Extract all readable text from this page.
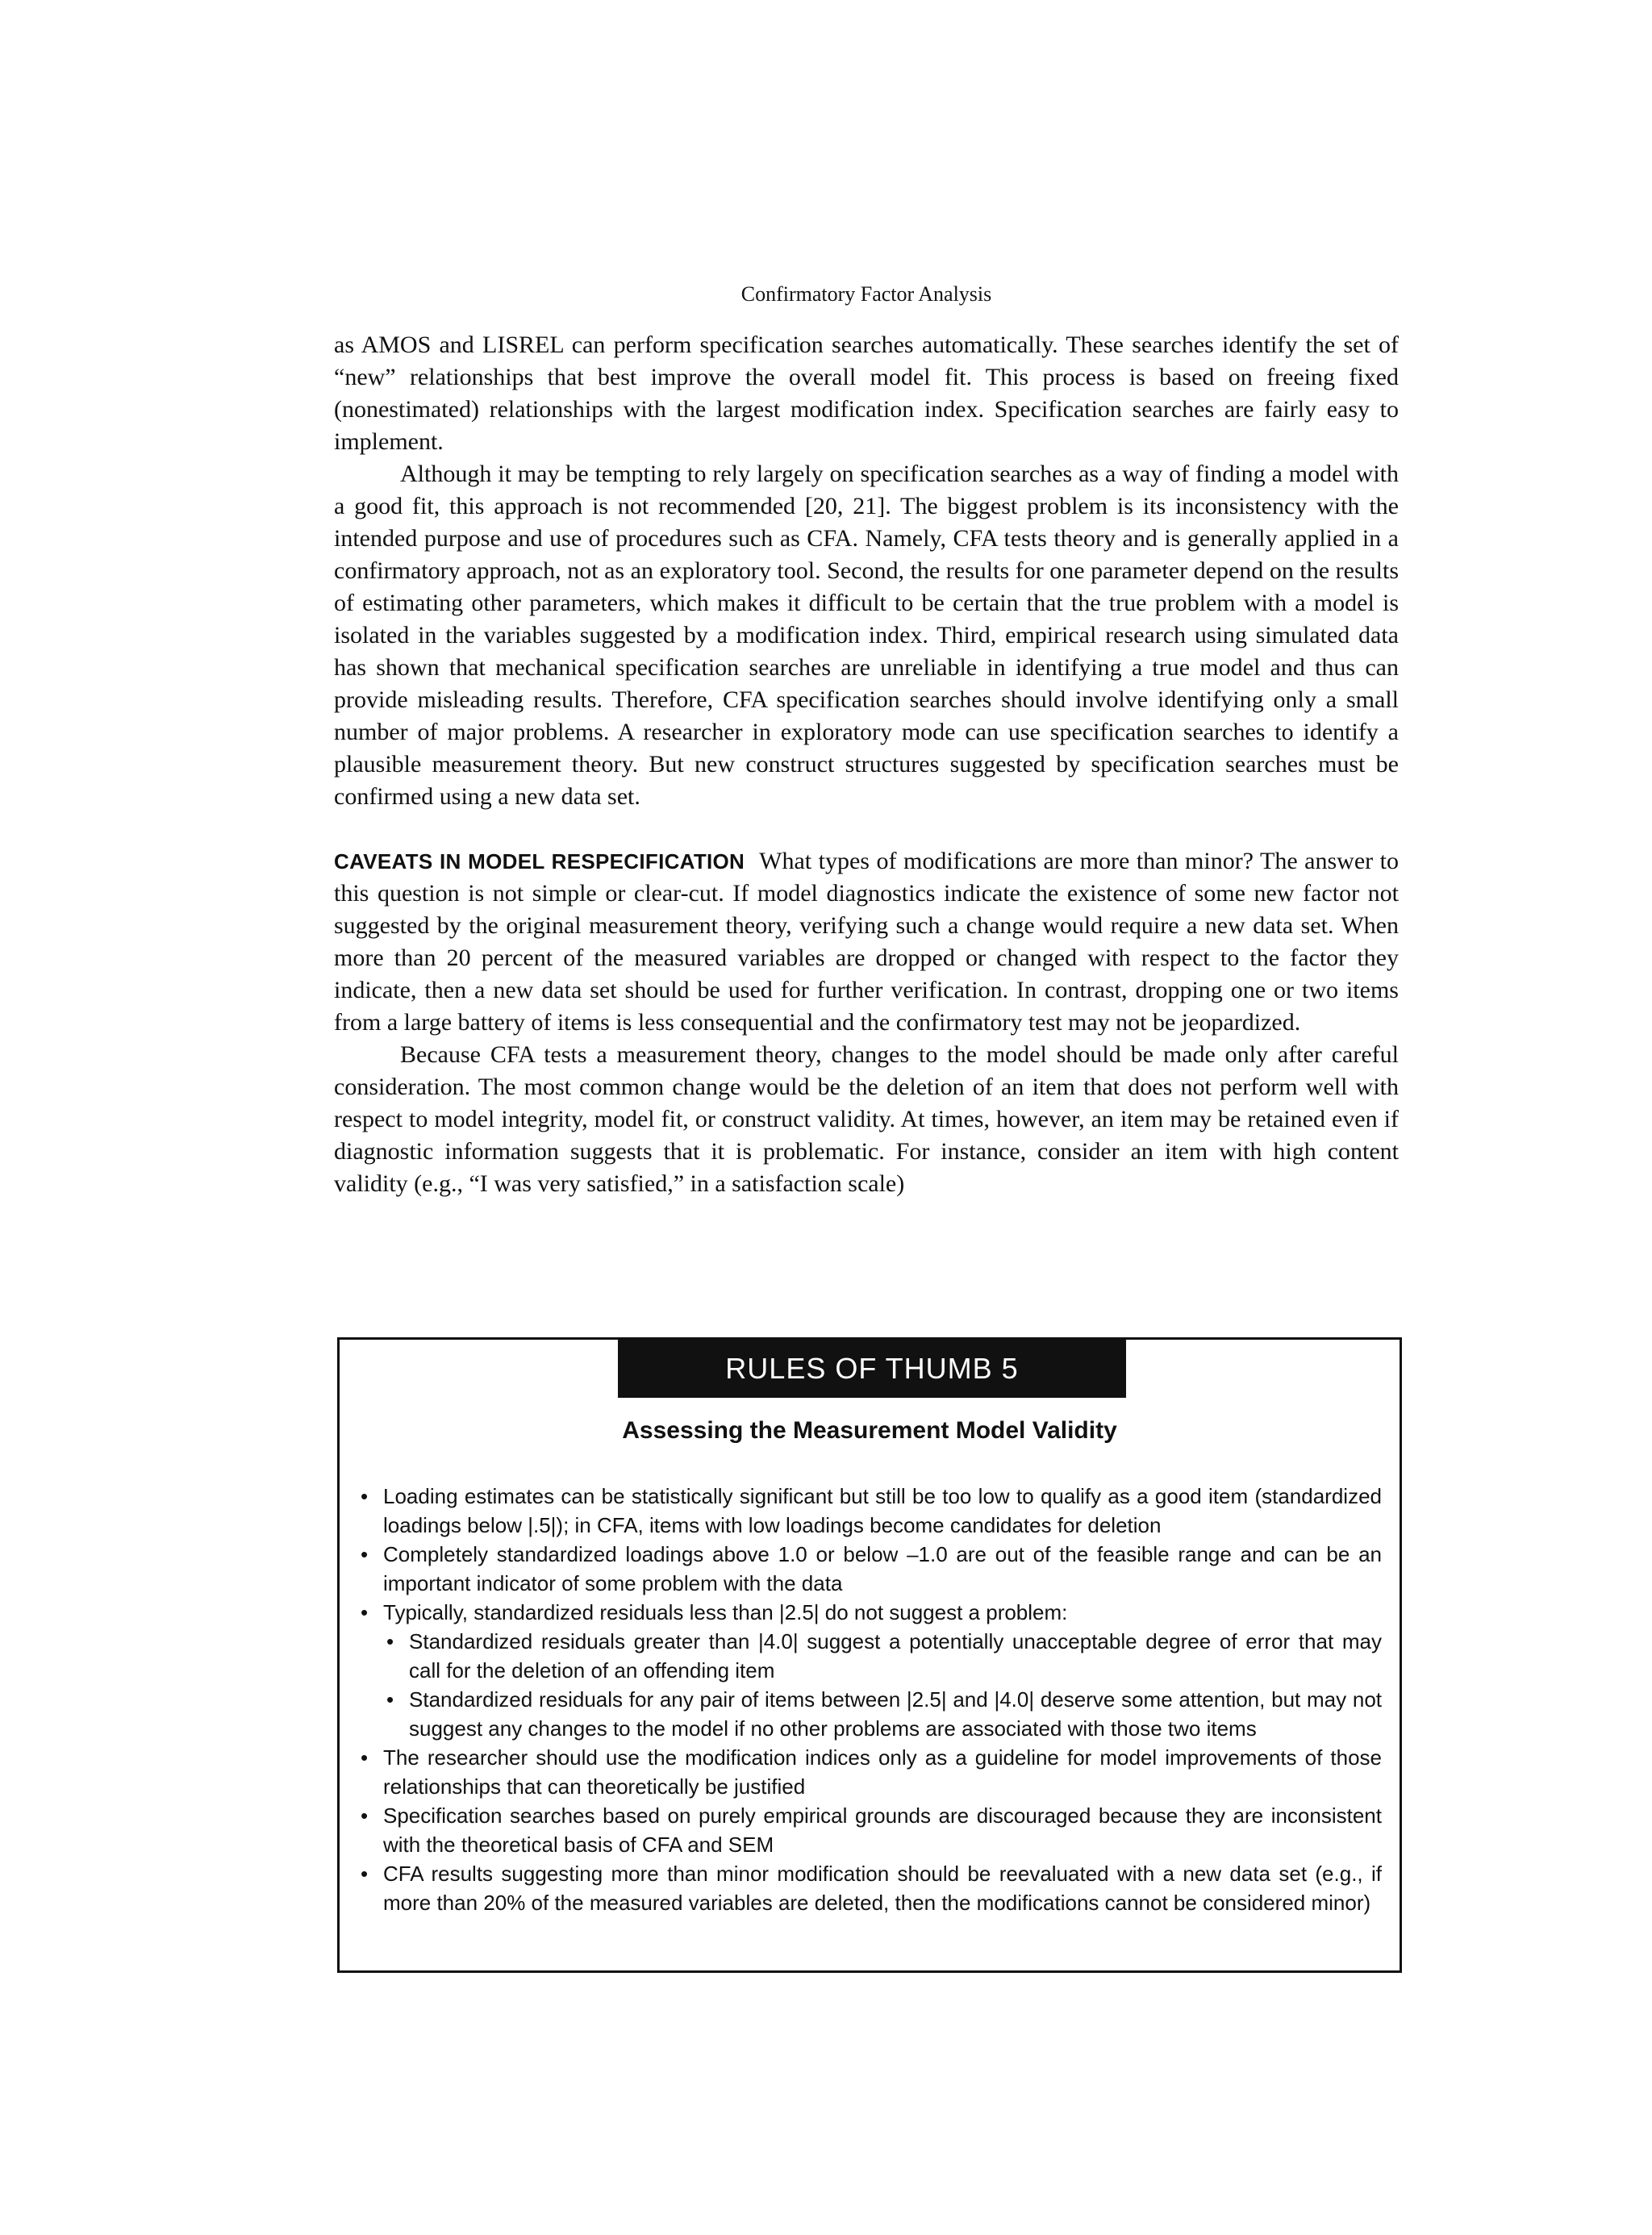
Confirmatory Factor Analysis

as AMOS and LISREL can perform specification searches automatically. These searches identify the set of “new” relationships that best improve the overall model fit. This process is based on freeing fixed (nonestimated) relationships with the largest modification index. Specification searches are fairly easy to implement.

Although it may be tempting to rely largely on specification searches as a way of finding a model with a good fit, this approach is not recommended [20, 21]. The biggest problem is its inconsistency with the intended purpose and use of procedures such as CFA. Namely, CFA tests theory and is generally applied in a confirmatory approach, not as an exploratory tool. Second, the results for one parameter depend on the results of estimating other parameters, which makes it difficult to be certain that the true problem with a model is isolated in the variables suggested by a modification index. Third, empirical research using simulated data has shown that mechanical specification searches are unreliable in identifying a true model and thus can provide misleading results. Therefore, CFA specification searches should involve identifying only a small number of major problems. A researcher in exploratory mode can use specification searches to identify a plausible measurement theory. But new construct structures suggested by specification searches must be confirmed using a new data set.

CAVEATS IN MODEL RESPECIFICATION What types of modifications are more than minor? The answer to this question is not simple or clear-cut. If model diagnostics indicate the existence of some new factor not suggested by the original measurement theory, verifying such a change would require a new data set. When more than 20 percent of the measured variables are dropped or changed with respect to the factor they indicate, then a new data set should be used for further verification. In contrast, dropping one or two items from a large battery of items is less consequential and the confirmatory test may not be jeopardized.

Because CFA tests a measurement theory, changes to the model should be made only after careful consideration. The most common change would be the deletion of an item that does not perform well with respect to model integrity, model fit, or construct validity. At times, however, an item may be retained even if diagnostic information suggests that it is problematic. For instance, consider an item with high content validity (e.g., “I was very satisfied,” in a satisfaction scale)

RULES OF THUMB 5
Assessing the Measurement Model Validity
• Loading estimates can be statistically significant but still be too low to qualify as a good item (standardized loadings below |.5|); in CFA, items with low loadings become candidates for deletion
• Completely standardized loadings above 1.0 or below –1.0 are out of the feasible range and can be an important indicator of some problem with the data
• Typically, standardized residuals less than |2.5| do not suggest a problem:
• Standardized residuals greater than |4.0| suggest a potentially unacceptable degree of error that may call for the deletion of an offending item
• Standardized residuals for any pair of items between |2.5| and |4.0| deserve some attention, but may not suggest any changes to the model if no other problems are associated with those two items
• The researcher should use the modification indices only as a guideline for model improvements of those relationships that can theoretically be justified
• Specification searches based on purely empirical grounds are discouraged because they are inconsistent with the theoretical basis of CFA and SEM
• CFA results suggesting more than minor modification should be reevaluated with a new data set (e.g., if more than 20% of the measured variables are deleted, then the modifications cannot be considered minor)
